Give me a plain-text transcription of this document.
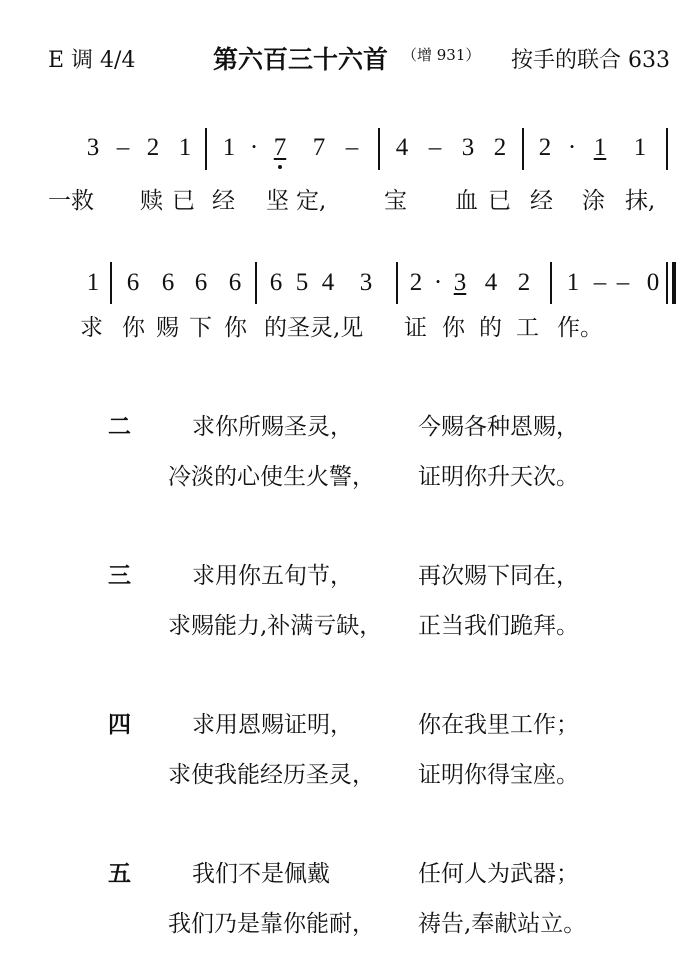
E 调 4/4	第六百三十六首 （增 931） 按手的联合 633
3 – 2 1 1 · 7 7 – 4 – 3 2 2 · 1 1
一救 赎 已 经 坚 定,	宝 血 已 经 涂 抹,
1 6 6 6 6 6 5 4 3 2 · 3 4 2 1 – – 0
求 你 赐 下 你 的圣灵,见 证 你 的 工 作。
二	求你所赐圣灵，	今赐各种恩赐，
冷淡的心使生火警， 证明你升天次。
三	求用你五旬节，	再次赐下同在，
求赐能力,补满亏缺， 正当我们跪拜。
四	求用恩赐证明，	你在我里工作；
求使我能经历圣灵， 证明你得宝座。
五	我们不是佩戴	任何人为武器；
我们乃是靠你能耐， 祷告,奉献站立。
